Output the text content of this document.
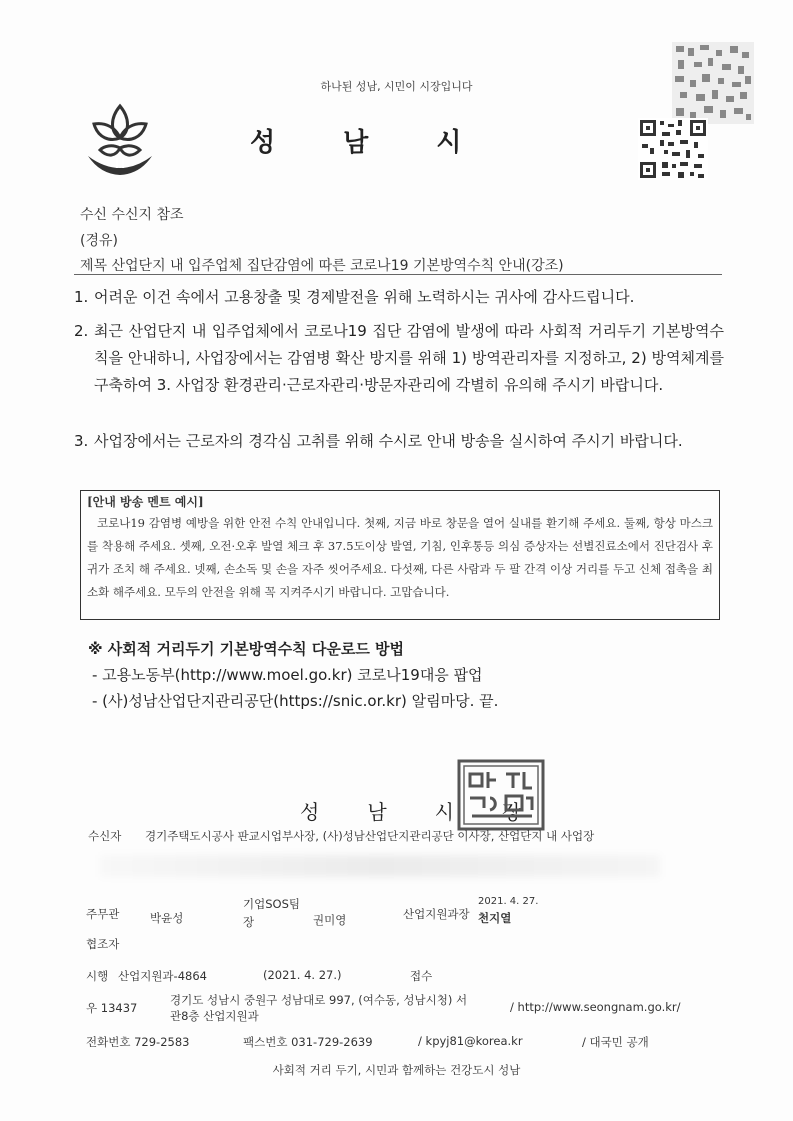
하나된 성남, 시민이 시장입니다
성남시
수신 수신지 참조
(경유)
제목 산업단지 내 입주업체 집단감염에 따른 코로나19 기본방역수칙 안내(강조)
1. 어려운 이건 속에서 고용창출 및 경제발전을 위해 노력하시는 귀사에 감사드립니다.
2. 최근 산업단지 내 입주업체에서 코로나19 집단 감염에 발생에 따라 사회적 거리두기 기본방역수칙을 안내하니, 사업장에서는 감염병 확산 방지를 위해 1) 방역관리자를 지정하고, 2) 방역체계를 구축하여 3. 사업장 환경관리·근로자관리·방문자관리에 각별히 유의해 주시기 바랍니다.
3. 사업장에서는 근로자의 경각심 고취를 위해 수시로 안내 방송을 실시하여 주시기 바랍니다.
[안내 방송 멘트 예시]
코로나19 감염병 예방을 위한 안전 수칙 안내입니다. 첫째, 지금 바로 창문을 열어 실내를 환기해 주세요. 둘째, 항상 마스크를 착용해 주세요. 셋째, 오전·오후 발열 체크 후 37.5도이상 발열, 기침, 인후통등 의심 증상자는 선별진료소에서 진단검사 후 귀가 조치 해 주세요. 넷째, 손소독 및 손을 자주 씻어주세요. 다섯째, 다른 사람과 두 팔 간격 이상 거리를 두고 신체 접촉을 최소화 해주세요. 모두의 안전을 위해 꼭 지켜주시기 바랍니다. 고맙습니다.
※ 사회적 거리두기 기본방역수칙 다운로드 방법
- 고용노동부(http://www.moel.go.kr) 코로나19대응 팝업
- (사)성남산업단지관리공단(https://snic.or.kr) 알림마당. 끝.
성남시장
수신자 경기주택도시공사 판교시업부사장, (사)성남산업단지관리공단 이사장, 산업단지 내 사업장
주무관	박윤성
기업SOS팀
장	권미영	산업지원과장
2021. 4. 27.
천지열
협조자
시행 산업지원과-4864	(2021. 4. 27.)	접수
우 13437
경기도 성남시 중원구 성남대로 997, (여수동, 성남시청) 서
관8층 산업지원과
/ http://www.seongnam.go.kr/
전화번호 729-2583	팩스번호 031-729-2639	/ kpyj81@korea.kr	/ 대국민 공개
사회적 거리 두기, 시민과 함께하는 건강도시 성남
